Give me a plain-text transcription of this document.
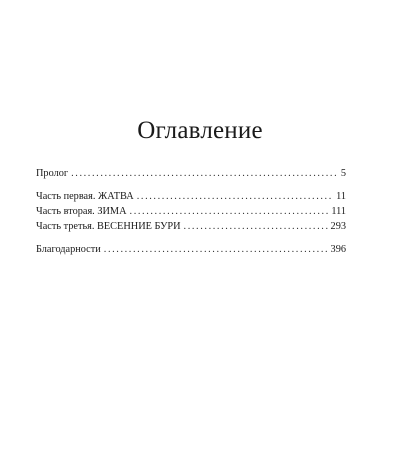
Оглавление
Пролог .....	5
Часть первая. ЖАТВА .....	11
Часть вторая. ЗИМА .....	111
Часть третья. ВЕСЕННИЕ БУРИ .....	293
Благодарности .....	396
